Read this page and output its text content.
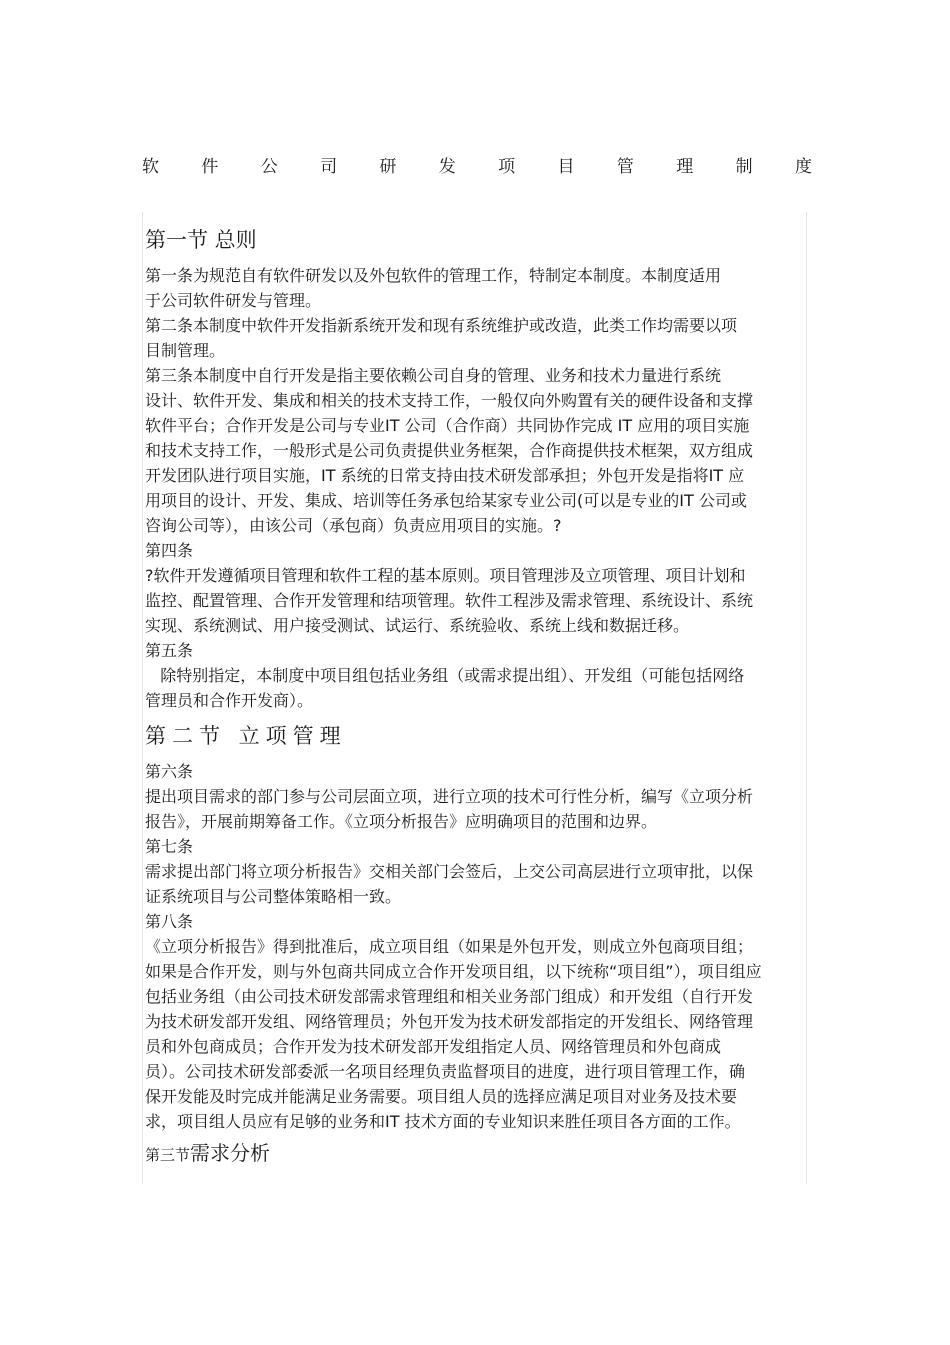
软 件 公 司 研 发 项 目 管 理 制 度
第一节 总则
第一条为规范自有软件研发以及外包软件的管理工作，特制定本制度。本制度适用
于公司软件研发与管理。
第二条本制度中软件开发指新系统开发和现有系统维护或改造，此类工作均需要以项
目制管理。
第三条本制度中自行开发是指主要依赖公司自身的管理、业务和技术力量进行系统
设计、软件开发、集成和相关的技术支持工作，一般仅向外购置有关的硬件设备和支撑
软件平台；合作开发是公司与专业IT 公司（合作商）共同协作完成 IT 应用的项目实施
和技术支持工作，一般形式是公司负责提供业务框架，合作商提供技术框架，双方组成
开发团队进行项目实施，IT 系统的日常支持由技术研发部承担；外包开发是指将IT 应
用项目的设计、开发、集成、培训等任务承包给某家专业公司(可以是专业的IT 公司或
咨询公司等），由该公司（承包商）负责应用项目的实施。?
第四条
?软件开发遵循项目管理和软件工程的基本原则。项目管理涉及立项管理、项目计划和
监控、配置管理、合作开发管理和结项管理。软件工程涉及需求管理、系统设计、系统
实现、系统测试、用户接受测试、试运行、系统验收、系统上线和数据迁移。
第五条
除特别指定，本制度中项目组包括业务组（或需求提出组）、开发组（可能包括网络
管理员和合作开发商）。
第二节 立项管理
第六条
提出项目需求的部门参与公司层面立项，进行立项的技术可行性分析，编写《立项分析
报告》，开展前期筹备工作。《立项分析报告》应明确项目的范围和边界。
第七条
需求提出部门将立项分析报告》交相关部门会签后，上交公司高层进行立项审批，以保
证系统项目与公司整体策略相一致。
第八条
《立项分析报告》得到批准后，成立项目组（如果是外包开发，则成立外包商项目组；
如果是合作开发，则与外包商共同成立合作开发项目组，以下统称“项目组”），项目组应
包括业务组（由公司技术研发部需求管理组和相关业务部门组成）和开发组（自行开发
为技术研发部开发组、网络管理员；外包开发为技术研发部指定的开发组长、网络管理
员和外包商成员；合作开发为技术研发部开发组指定人员、网络管理员和外包商成
员）。公司技术研发部委派一名项目经理负责监督项目的进度，进行项目管理工作，确
保开发能及时完成并能满足业务需要。项目组人员的选择应满足项目对业务及技术要
求，项目组人员应有足够的业务和IT 技术方面的专业知识来胜任项目各方面的工作。
第三节需求分析
